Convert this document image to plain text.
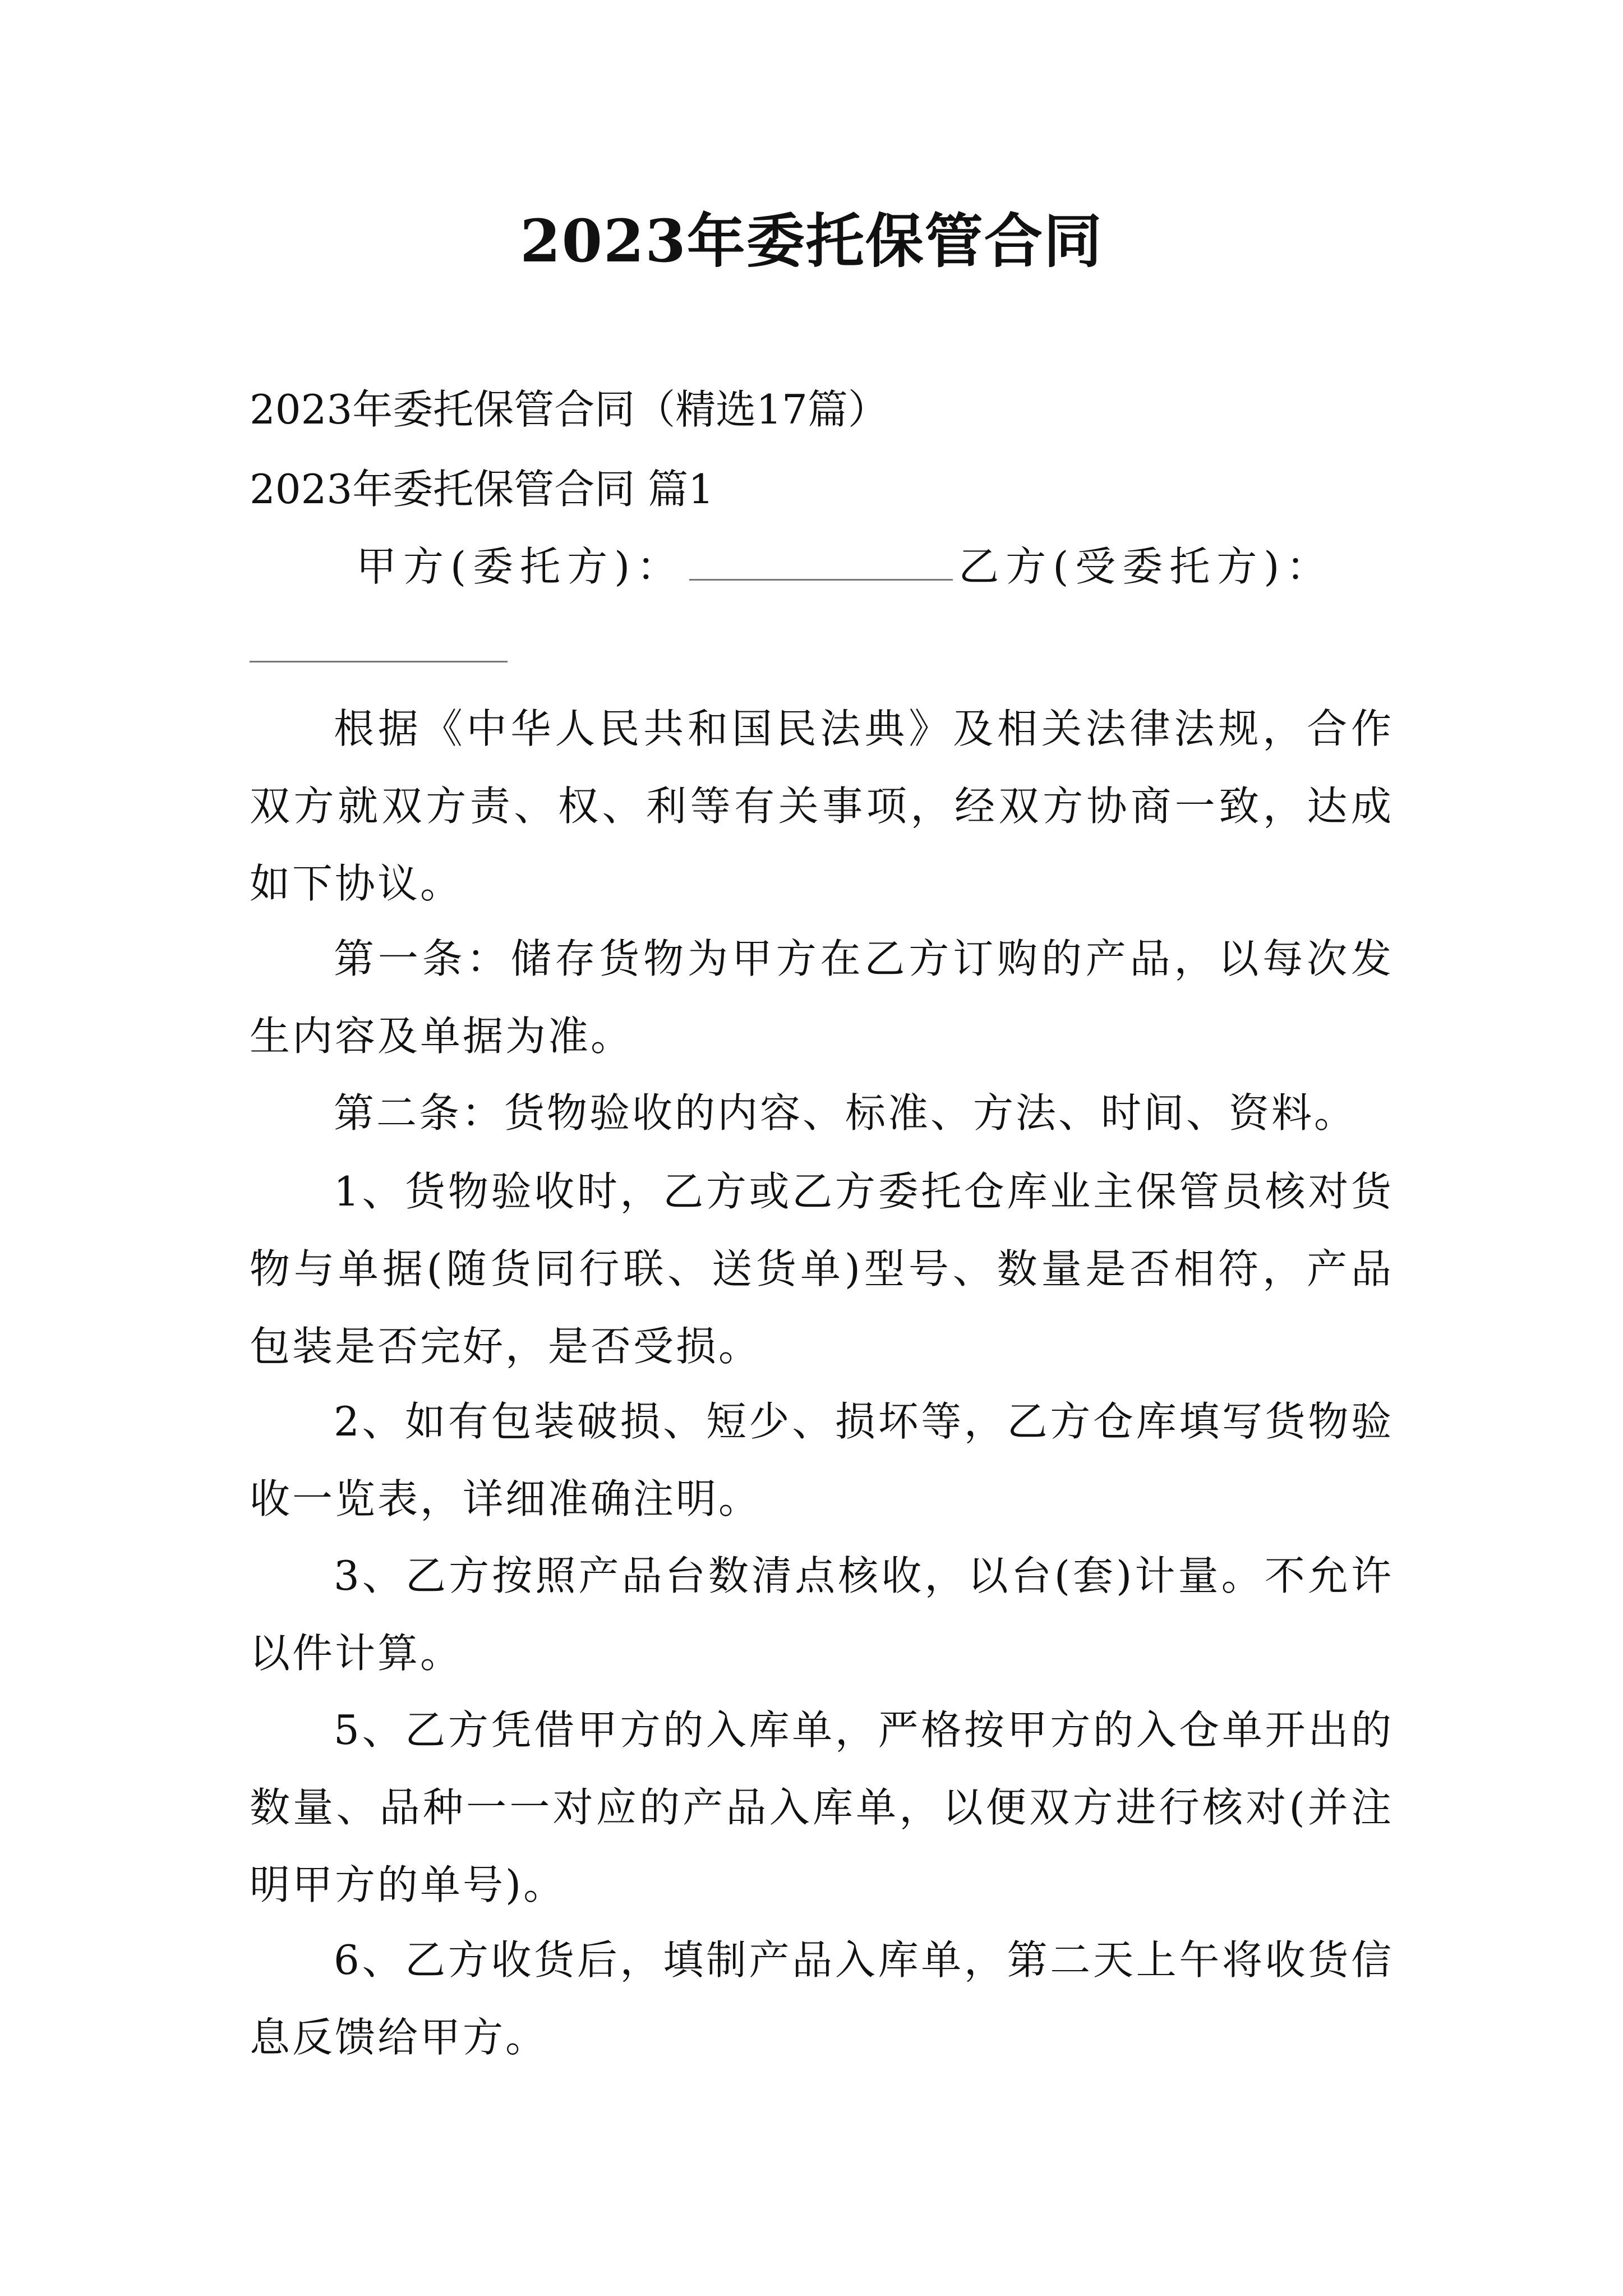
2023年委托保管合同
2023年委托保管合同（精选17篇）
2023年委托保管合同 篇1
甲方(委托方)：	乙方(受委托方)：
根据《中华人民共和国民法典》及相关法律法规，合作双方就双方责、权、利等有关事项，经双方协商一致，达成如下协议。
第一条：储存货物为甲方在乙方订购的产品，以每次发生内容及单据为准。
第二条：货物验收的内容、标准、方法、时间、资料。
1、货物验收时，乙方或乙方委托仓库业主保管员核对货物与单据(随货同行联、送货单)型号、数量是否相符，产品包装是否完好，是否受损。
2、如有包装破损、短少、损坏等，乙方仓库填写货物验收一览表，详细准确注明。
3、乙方按照产品台数清点核收，以台(套)计量。不允许以件计算。
5、乙方凭借甲方的入库单，严格按甲方的入仓单开出的数量、品种一一对应的产品入库单，以便双方进行核对(并注明甲方的单号)。
6、乙方收货后，填制产品入库单，第二天上午将收货信息反馈给甲方。
